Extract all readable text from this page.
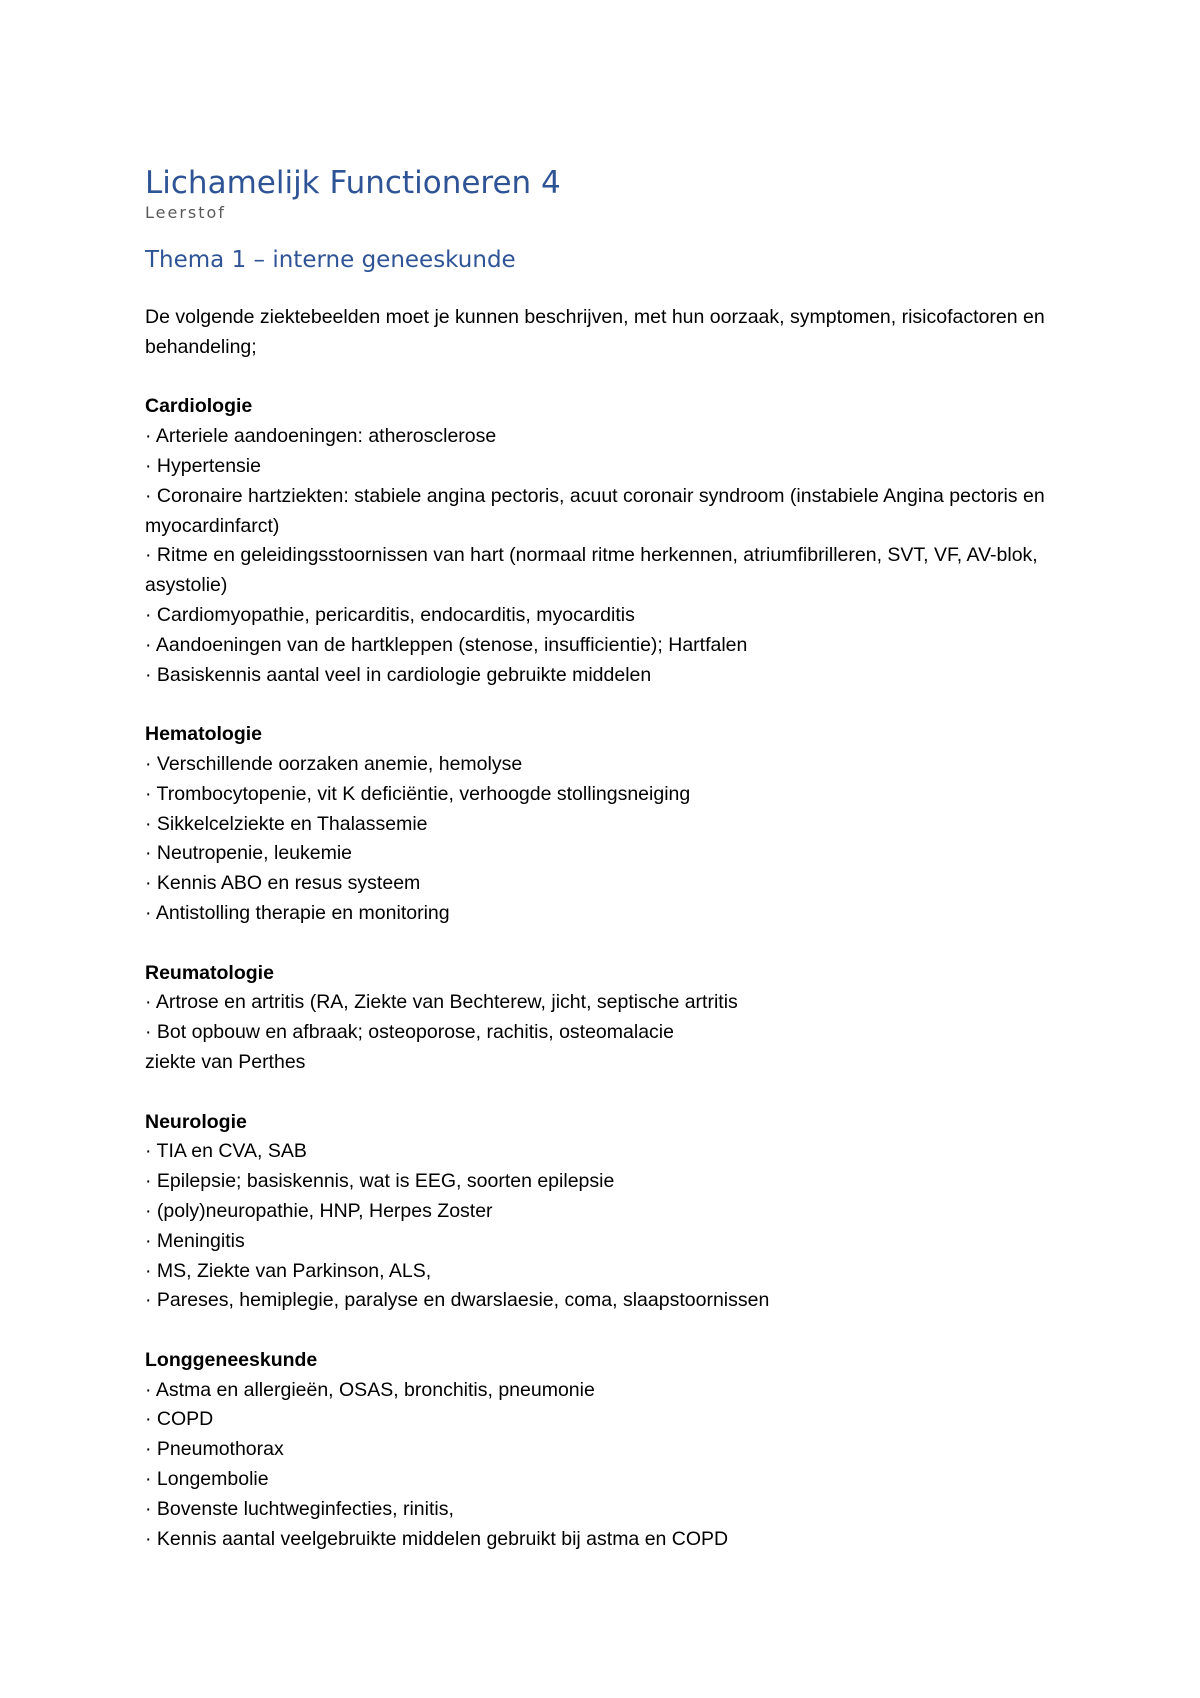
Lichamelijk Functioneren 4
Leerstof
Thema 1 – interne geneeskunde

De volgende ziektebeelden moet je kunnen beschrijven, met hun oorzaak, symptomen, risicofactoren en behandeling;

Cardiologie

· Arteriele aandoeningen: atherosclerose
· Hypertensie
· Coronaire hartziekten: stabiele angina pectoris, acuut coronair syndroom (instabiele Angina pectoris en myocardinfarct)
· Ritme en geleidingsstoornissen van hart (normaal ritme herkennen, atriumfibrilleren, SVT, VF, AV-blok, asystolie)
· Cardiomyopathie, pericarditis, endocarditis, myocarditis
· Aandoeningen van de hartkleppen (stenose, insufficientie); Hartfalen
· Basiskennis aantal veel in cardiologie gebruikte middelen

Hematologie

· Verschillende oorzaken anemie, hemolyse
· Trombocytopenie, vit K deficiëntie, verhoogde stollingsneiging
· Sikkelcelziekte en Thalassemie
· Neutropenie, leukemie
· Kennis ABO en resus systeem
· Antistolling therapie en monitoring

Reumatologie

· Artrose en artritis (RA, Ziekte van Bechterew, jicht, septische artritis
· Bot opbouw en afbraak; osteoporose, rachitis, osteomalacie
ziekte van Perthes

Neurologie

· TIA en CVA, SAB
· Epilepsie; basiskennis, wat is EEG, soorten epilepsie
· (poly)neuropathie, HNP, Herpes Zoster
· Meningitis
· MS, Ziekte van Parkinson, ALS,
· Pareses, hemiplegie, paralyse en dwarslaesie, coma, slaapstoornissen

Longgeneeskunde

· Astma en allergieën, OSAS, bronchitis, pneumonie
· COPD
· Pneumothorax
· Longembolie
· Bovenste luchtweginfecties, rinitis,
· Kennis aantal veelgebruikte middelen gebruikt bij astma en COPD
